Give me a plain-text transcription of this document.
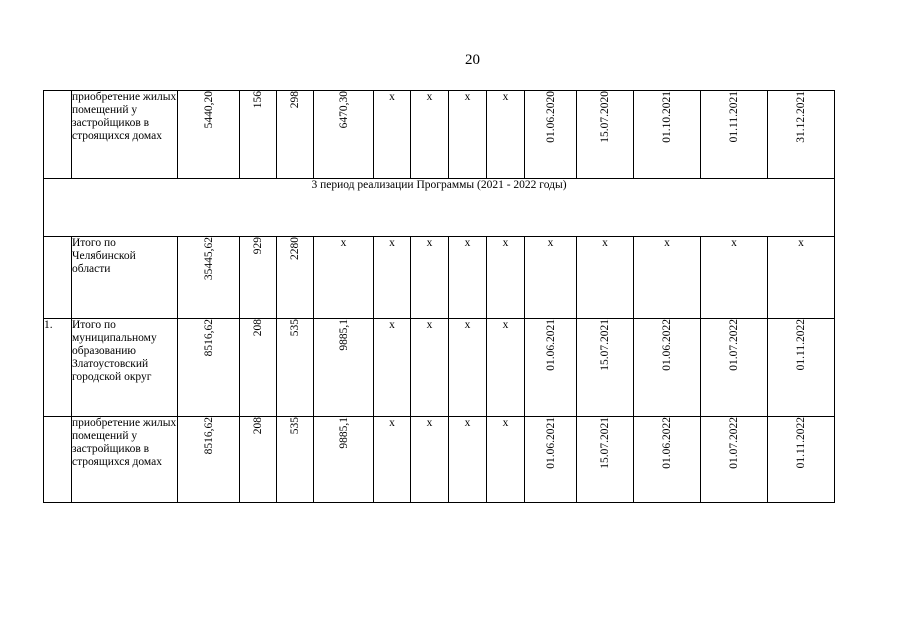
20
	приобретение жилых помещений у застройщиков в строящихся домах	5440,20	156	298	6470,30	x	x	x	x	01.06.2020	15.07.2020	01.10.2021	01.11.2021	31.12.2021
3 период реализации Программы (2021 - 2022 годы)														
	Итого по Челябинской области	35445,62	929	2280	x	x	x	x	x	x	x	x	x	x
1.	Итого по муниципальному образованию Златоустовский городской округ	8516,62	208	535	9885,1	x	x	x	x	01.06.2021	15.07.2021	01.06.2022	01.07.2022	01.11.2022
	приобретение жилых помещений у застройщиков в строящихся домах	8516,62	208	535	9885,1	x	x	x	x	01.06.2021	15.07.2021	01.06.2022	01.07.2022	01.11.2022
